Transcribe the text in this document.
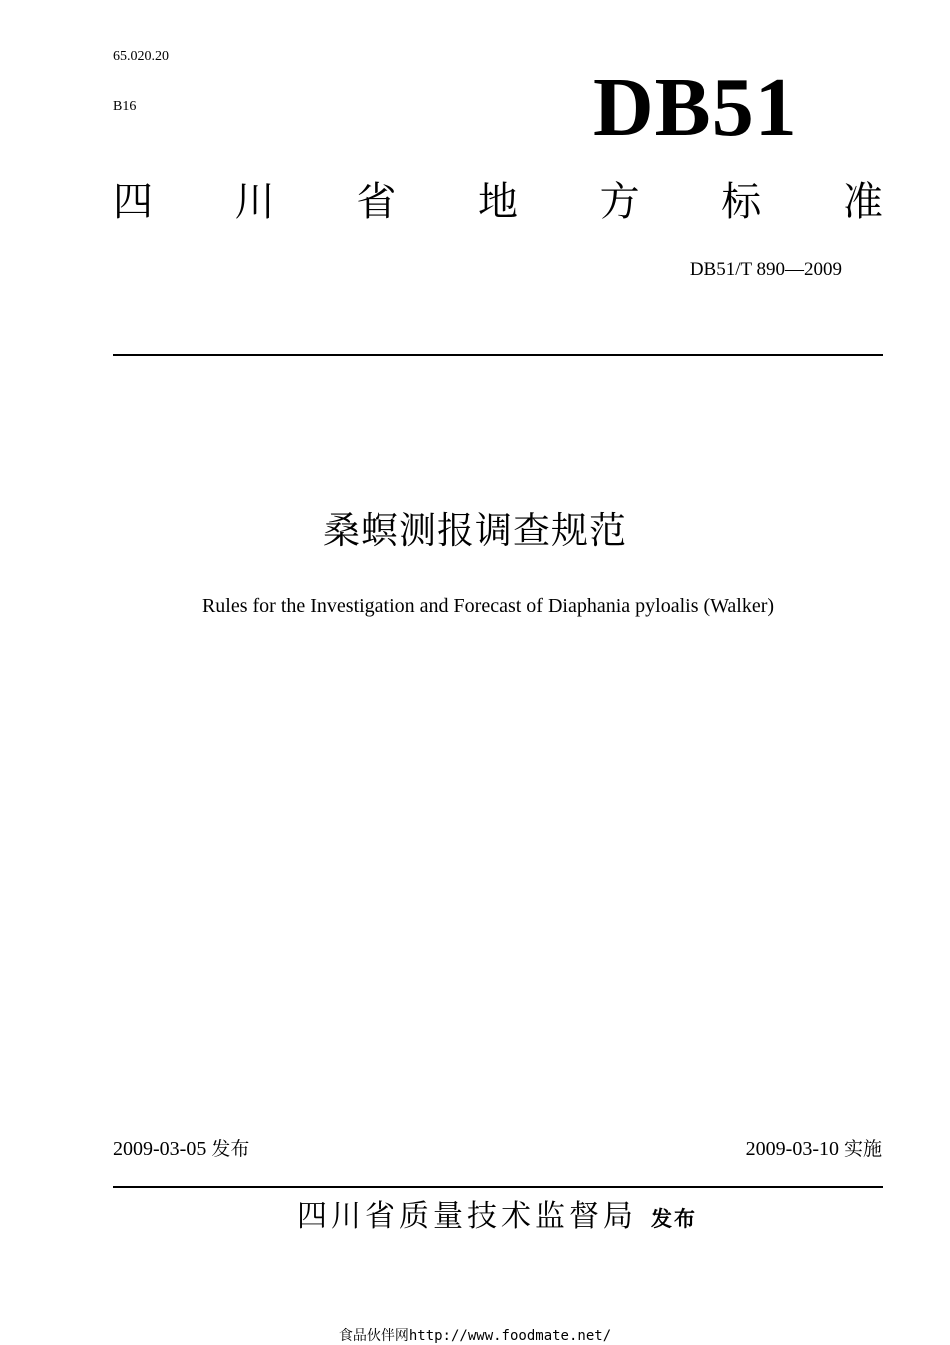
65.020.20
B16	DB51
四 川 省 地 方 标 准
DB51/T 890—2009
桑螟测报调查规范
Rules for the Investigation and Forecast of Diaphania pyloalis (Walker)
2009-03-05 发布	2009-03-10 实施
四川省质量技术监督局 发布
食品伙伴网http://www.foodmate.net/
